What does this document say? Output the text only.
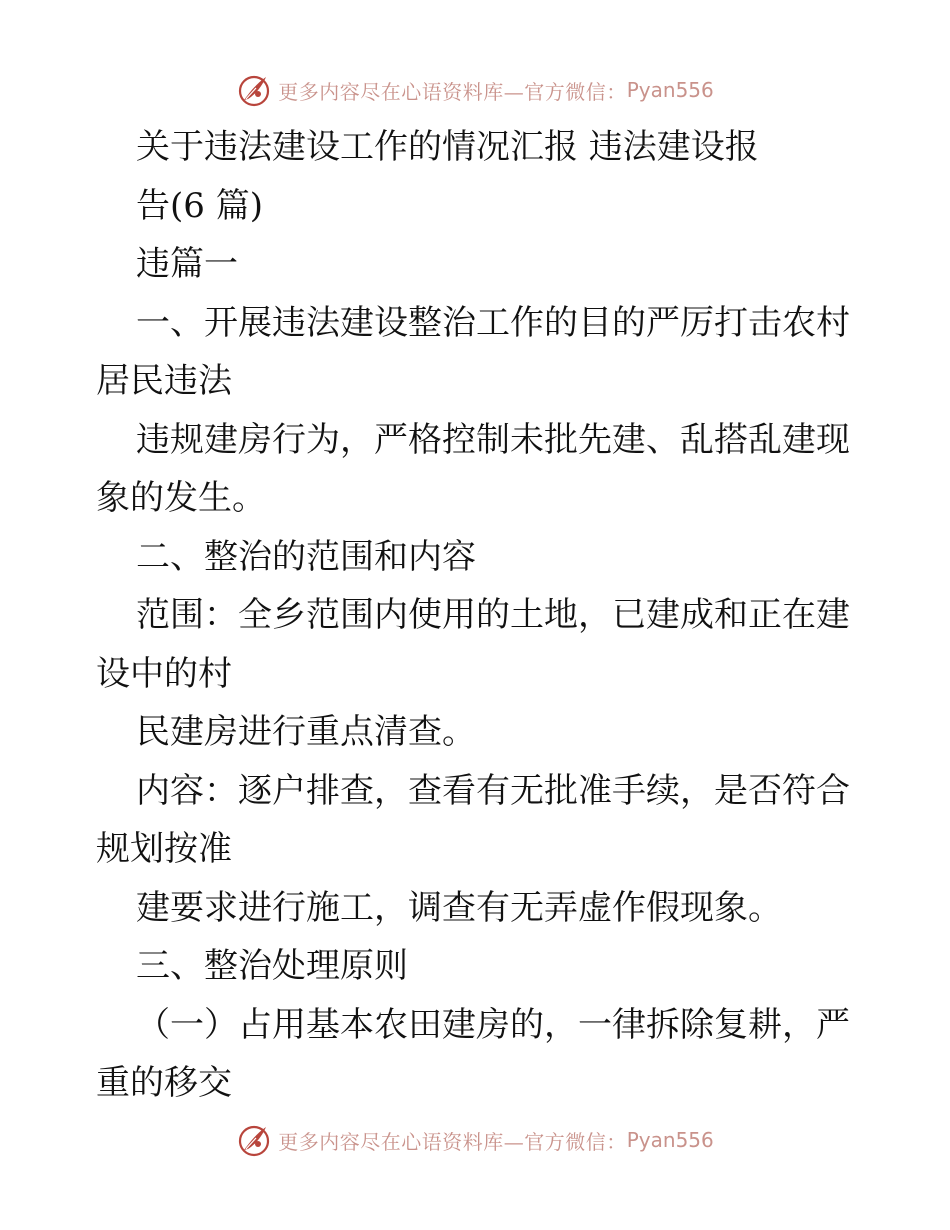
更多内容尽在心语资料库—官方微信： Pyan556

关于违法建设工作的情况汇报 违法建设报

告(6 篇)

违篇一

一、开展违法建设整治工作的目的严厉打击农村

居民违法

违规建房行为，严格控制未批先建、乱搭乱建现

象的发生。

二、整治的范围和内容

范围：全乡范围内使用的土地，已建成和正在建

设中的村

民建房进行重点清查。

内容：逐户排查，查看有无批准手续，是否符合

规划按准

建要求进行施工，调查有无弄虚作假现象。

三、整治处理原则

（一）占用基本农田建房的，一律拆除复耕，严

重的移交

更多内容尽在心语资料库—官方微信： Pyan556
